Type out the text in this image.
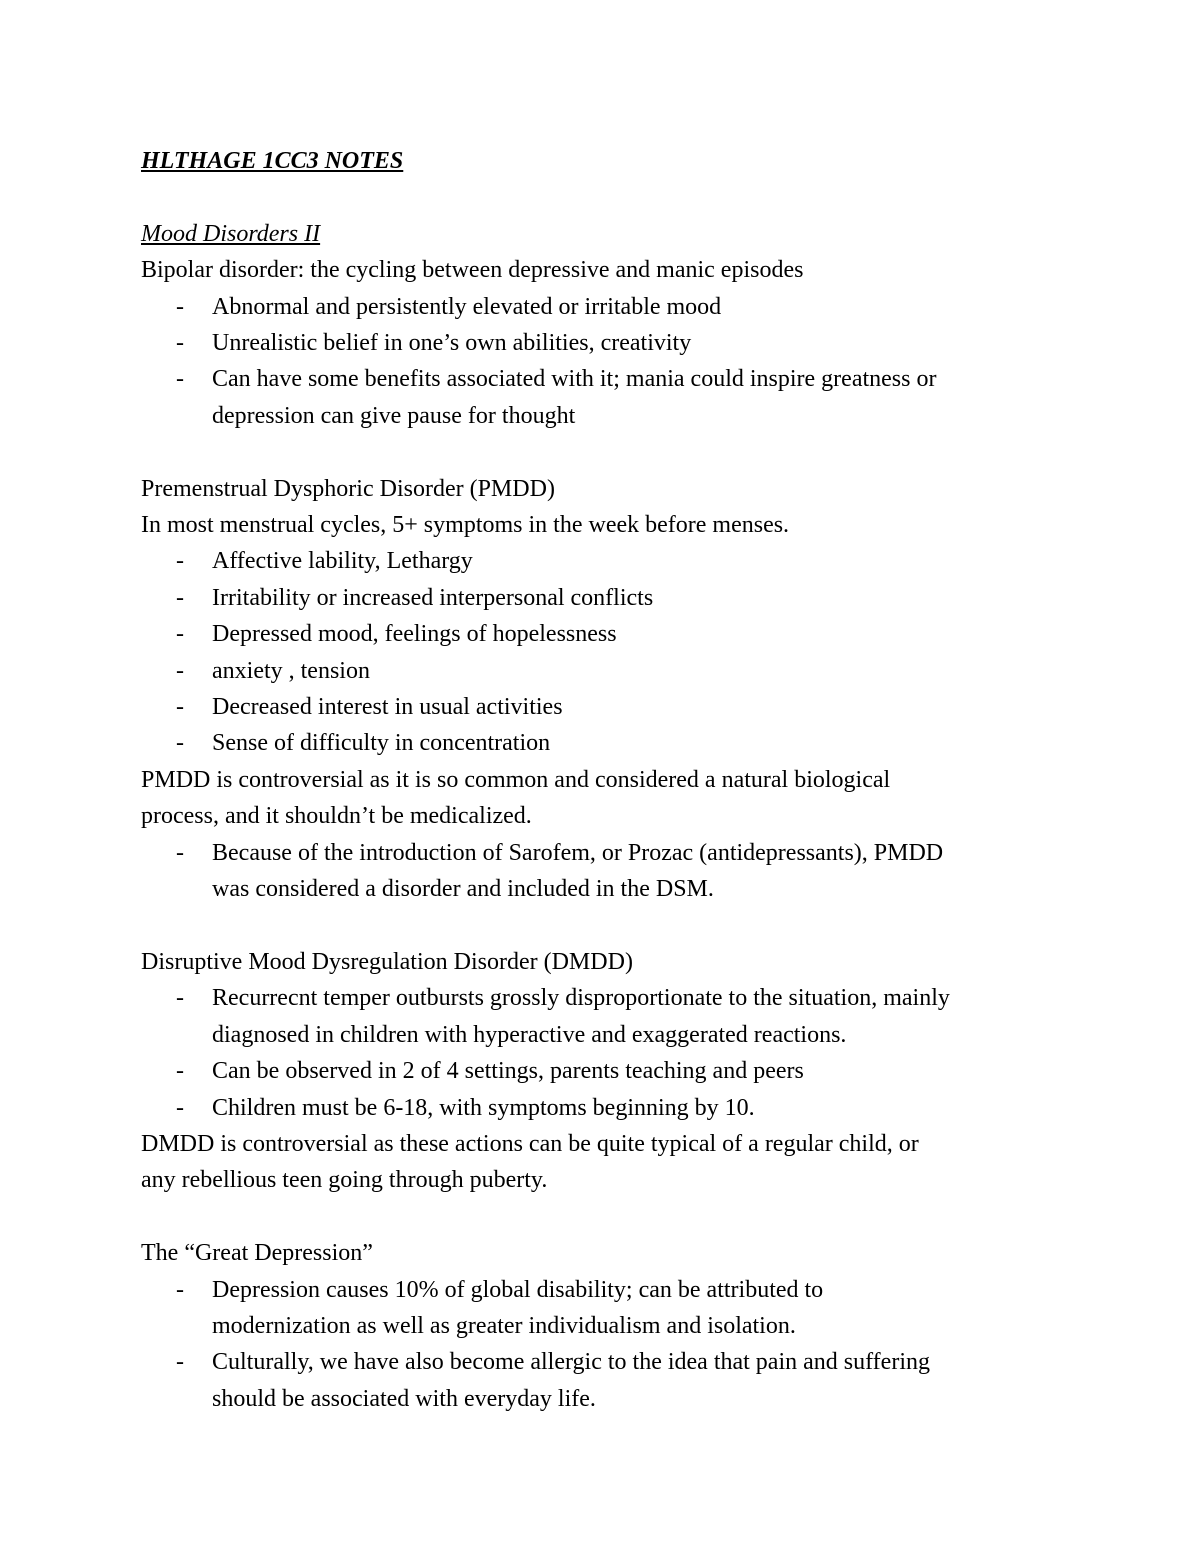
HLTHAGE 1CC3 NOTES
Mood Disorders II
Bipolar disorder: the cycling between depressive and manic episodes
-	Abnormal and persistently elevated or irritable mood
-	Unrealistic belief in one’s own abilities, creativity
-	Can have some benefits associated with it; mania could inspire greatness or
depression can give pause for thought
Premenstrual Dysphoric Disorder (PMDD)
In most menstrual cycles, 5+ symptoms in the week before menses.
-	Affective lability, Lethargy
-	Irritability or increased interpersonal conflicts
-	Depressed mood, feelings of hopelessness
-	anxiety , tension
-	Decreased interest in usual activities
-	Sense of difficulty in concentration
PMDD is controversial as it is so common and considered a natural biological
process, and it shouldn’t be medicalized.
-	Because of the introduction of Sarofem, or Prozac (antidepressants), PMDD
was considered a disorder and included in the DSM.
Disruptive Mood Dysregulation Disorder (DMDD)
-	Recurrecnt temper outbursts grossly disproportionate to the situation, mainly
diagnosed in children with hyperactive and exaggerated reactions.
-	Can be observed in 2 of 4 settings, parents teaching and peers
-	Children must be 6-18, with symptoms beginning by 10.
DMDD is controversial as these actions can be quite typical of a regular child, or
any rebellious teen going through puberty.
The “Great Depression”
-	Depression causes 10% of global disability; can be attributed to
modernization as well as greater individualism and isolation.
-	Culturally, we have also become allergic to the idea that pain and suffering
should be associated with everyday life.
